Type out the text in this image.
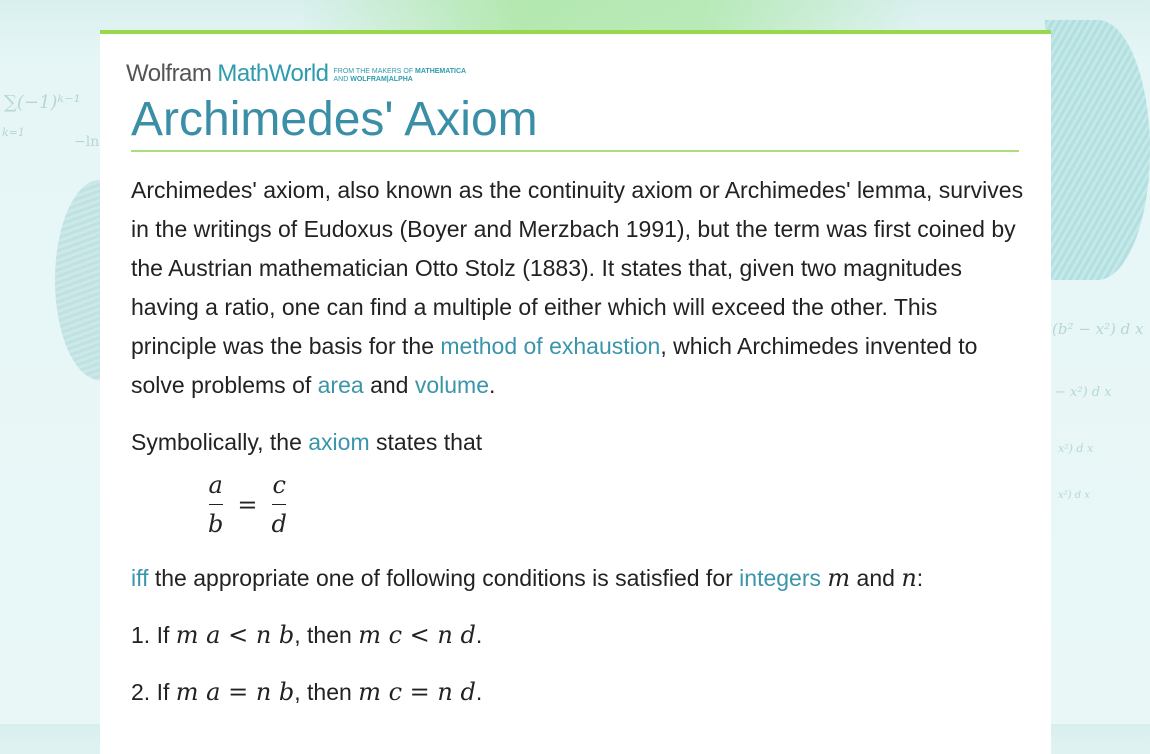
∑(−1)ᵏ⁻¹
k=1
−ln
(b² − x²) d x
− x²) d x
x²) d x
x²) d x
Wolfram MathWorld FROM THE MAKERS OF MATHEMATICA
AND WOLFRAM|ALPHA
Archimedes' Axiom

Archimedes' axiom, also known as the continuity axiom or Archimedes' lemma, survives in the writings of Eudoxus (Boyer and Merzbach 1991), but the term was first coined by the Austrian mathematician Otto Stolz (1883). It states that, given two magnitudes having a ratio, one can find a multiple of either which will exceed the other. This principle was the basis for the method of exhaustion, which Archimedes invented to solve problems of area and volume.

Symbolically, the axiom states that

iff the appropriate one of following conditions is satisfied for integers m and n:

1. If m a < n b, then m c < n d.

2. If m a = n b, then m c = n d.

$\frac{a}{b} = \frac{c}{d}$
